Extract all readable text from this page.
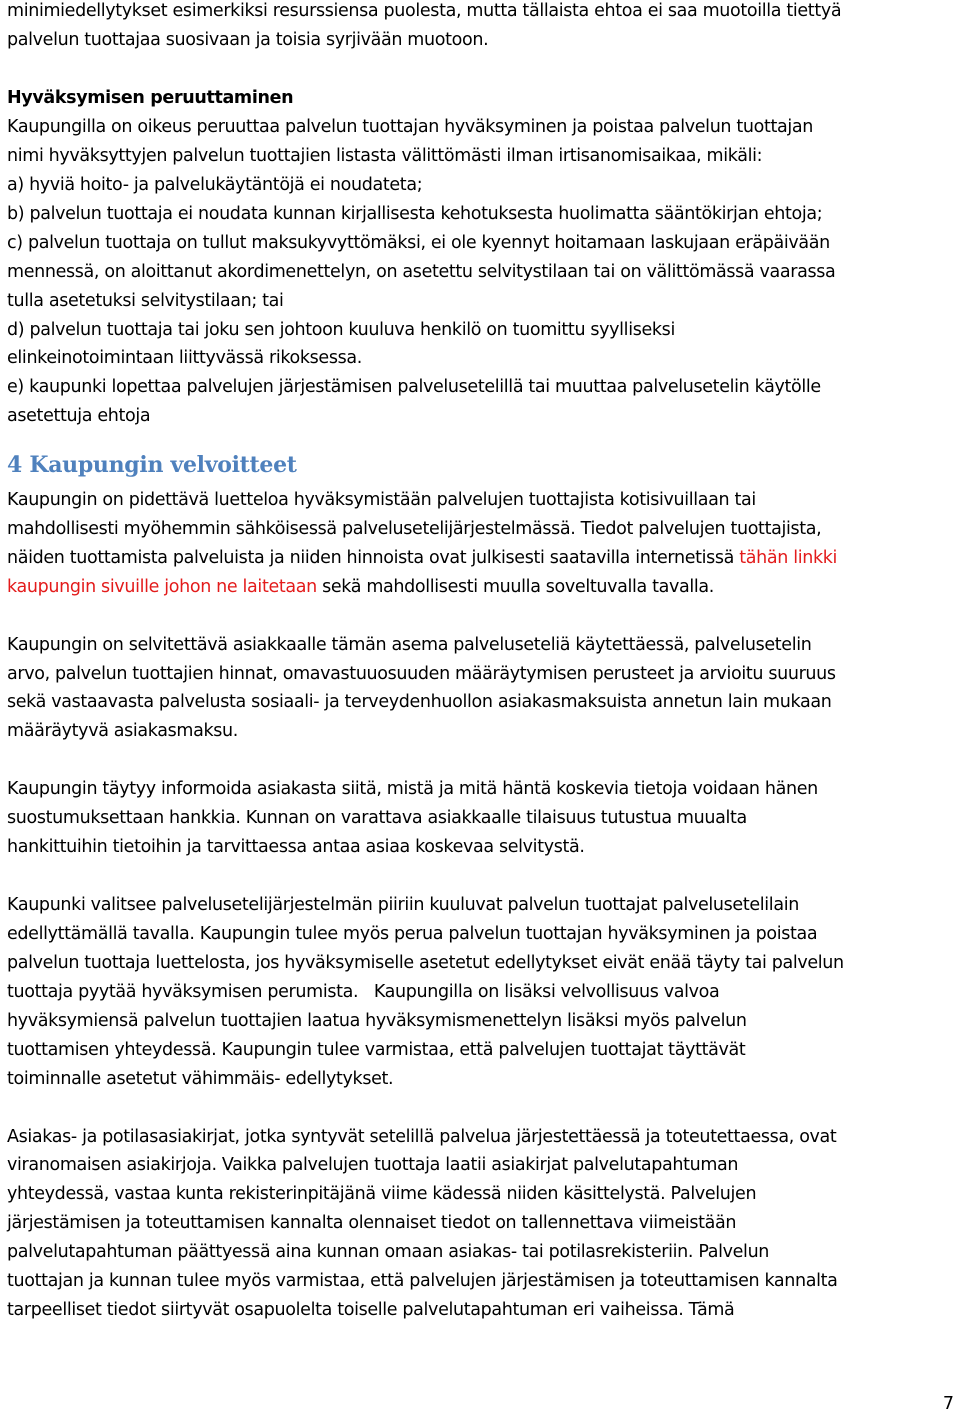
minimiedellytykset esimerkiksi resurssiensa puolesta, mutta tällaista ehtoa ei saa muotoilla tiettyä
palvelun tuottajaa suosivaan ja toisia syrjivään muotoon.
Hyväksymisen peruuttaminen
Kaupungilla on oikeus peruuttaa palvelun tuottajan hyväksyminen ja poistaa palvelun tuottajan
nimi hyväksyttyjen palvelun tuottajien listasta välittömästi ilman irtisanomisaikaa, mikäli:
a) hyviä hoito- ja palvelukäytäntöjä ei noudateta;
b) palvelun tuottaja ei noudata kunnan kirjallisesta kehotuksesta huolimatta sääntökirjan ehtoja;
c) palvelun tuottaja on tullut maksukyvyttömäksi, ei ole kyennyt hoitamaan laskujaan eräpäivään
mennessä, on aloittanut akordimenettelyn, on asetettu selvitystilaan tai on välittömässä vaarassa
tulla asetetuksi selvitystilaan; tai
d) palvelun tuottaja tai joku sen johtoon kuuluva henkilö on tuomittu syylliseksi
elinkeinotoimintaan liittyvässä rikoksessa.
e) kaupunki lopettaa palvelujen järjestämisen palvelusetelillä tai muuttaa palvelusetelin käytölle
asetettuja ehtoja
4 Kaupungin velvoitteet
Kaupungin on pidettävä luetteloa hyväksymistään palvelujen tuottajista kotisivuillaan tai
mahdollisesti myöhemmin sähköisessä palvelusetelijärjestelmässä. Tiedot palvelujen tuottajista,
näiden tuottamista palveluista ja niiden hinnoista ovat julkisesti saatavilla internetissä tähän linkki
kaupungin sivuille johon ne laitetaan sekä mahdollisesti muulla soveltuvalla tavalla.
Kaupungin on selvitettävä asiakkaalle tämän asema palveluseteliä käytettäessä, palvelusetelin
arvo, palvelun tuottajien hinnat, omavastuuosuuden määräytymisen perusteet ja arvioitu suuruus
sekä vastaavasta palvelusta sosiaali- ja terveydenhuollon asiakasmaksuista annetun lain mukaan
määräytyvä asiakasmaksu.
Kaupungin täytyy informoida asiakasta siitä, mistä ja mitä häntä koskevia tietoja voidaan hänen
suostumuksettaan hankkia. Kunnan on varattava asiakkaalle tilaisuus tutustua muualta
hankittuihin tietoihin ja tarvittaessa antaa asiaa koskevaa selvitystä.
Kaupunki valitsee palvelusetelijärjestelmän piiriin kuuluvat palvelun tuottajat palvelusetelilain
edellyttämällä tavalla. Kaupungin tulee myös perua palvelun tuottajan hyväksyminen ja poistaa
palvelun tuottaja luettelosta, jos hyväksymiselle asetetut edellytykset eivät enää täyty tai palvelun
tuottaja pyytää hyväksymisen perumista.   Kaupungilla on lisäksi velvollisuus valvoa
hyväksymiensä palvelun tuottajien laatua hyväksymismenettelyn lisäksi myös palvelun
tuottamisen yhteydessä. Kaupungin tulee varmistaa, että palvelujen tuottajat täyttävät
toiminnalle asetetut vähimmäis- edellytykset.
Asiakas- ja potilasasiakirjat, jotka syntyvät setelillä palvelua järjestettäessä ja toteutettaessa, ovat
viranomaisen asiakirjoja. Vaikka palvelujen tuottaja laatii asiakirjat palvelutapahtuman
yhteydessä, vastaa kunta rekisterinpitäjänä viime kädessä niiden käsittelystä. Palvelujen
järjestämisen ja toteuttamisen kannalta olennaiset tiedot on tallennettava viimeistään
palvelutapahtuman päättyessä aina kunnan omaan asiakas- tai potilasrekisteriin. Palvelun
tuottajan ja kunnan tulee myös varmistaa, että palvelujen järjestämisen ja toteuttamisen kannalta
tarpeelliset tiedot siirtyvät osapuolelta toiselle palvelutapahtuman eri vaiheissa. Tämä
7
